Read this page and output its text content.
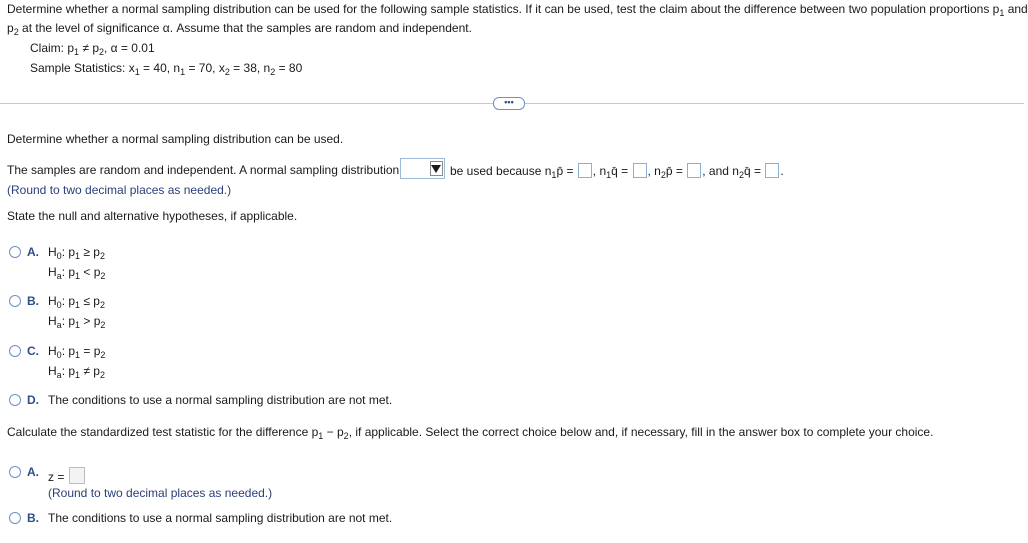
Determine whether a normal sampling distribution can be used for the following sample statistics. If it can be used, test the claim about the difference between two population proportions $p_1$ and
$p_2$ at the level of significance α. Assume that the samples are random and independent.
Claim: $p_1 \ne p_2$, α = 0.01
Sample Statistics: $x_1 = 40$, $n_1 = 70$, $x_2 = 38$, $n_2 = 80$
•••
Determine whether a normal sampling distribution can be used.
The samples are random and independent. A normal sampling distribution	be used because $n_1p̄$ = , $n_1q̄$ = , $n_2p̄$ = , and $n_2q̄$ = .
(Round to two decimal places as needed.)
State the null and alternative hypotheses, if applicable.
A. $H_0$: $p_1 \ge p_2$
$H_a$: $p_1 < p_2$
B. $H_0$: $p_1 \le p_2$
$H_a$: $p_1 > p_2$
C. $H_0$: $p_1 = p_2$
$H_a$: $p_1 \ne p_2$
D. The conditions to use a normal sampling distribution are not met.
Calculate the standardized test statistic for the difference $p_1 - p_2$, if applicable. Select the correct choice below and, if necessary, fill in the answer box to complete your choice.
A. z =
(Round to two decimal places as needed.)
B. The conditions to use a normal sampling distribution are not met.
